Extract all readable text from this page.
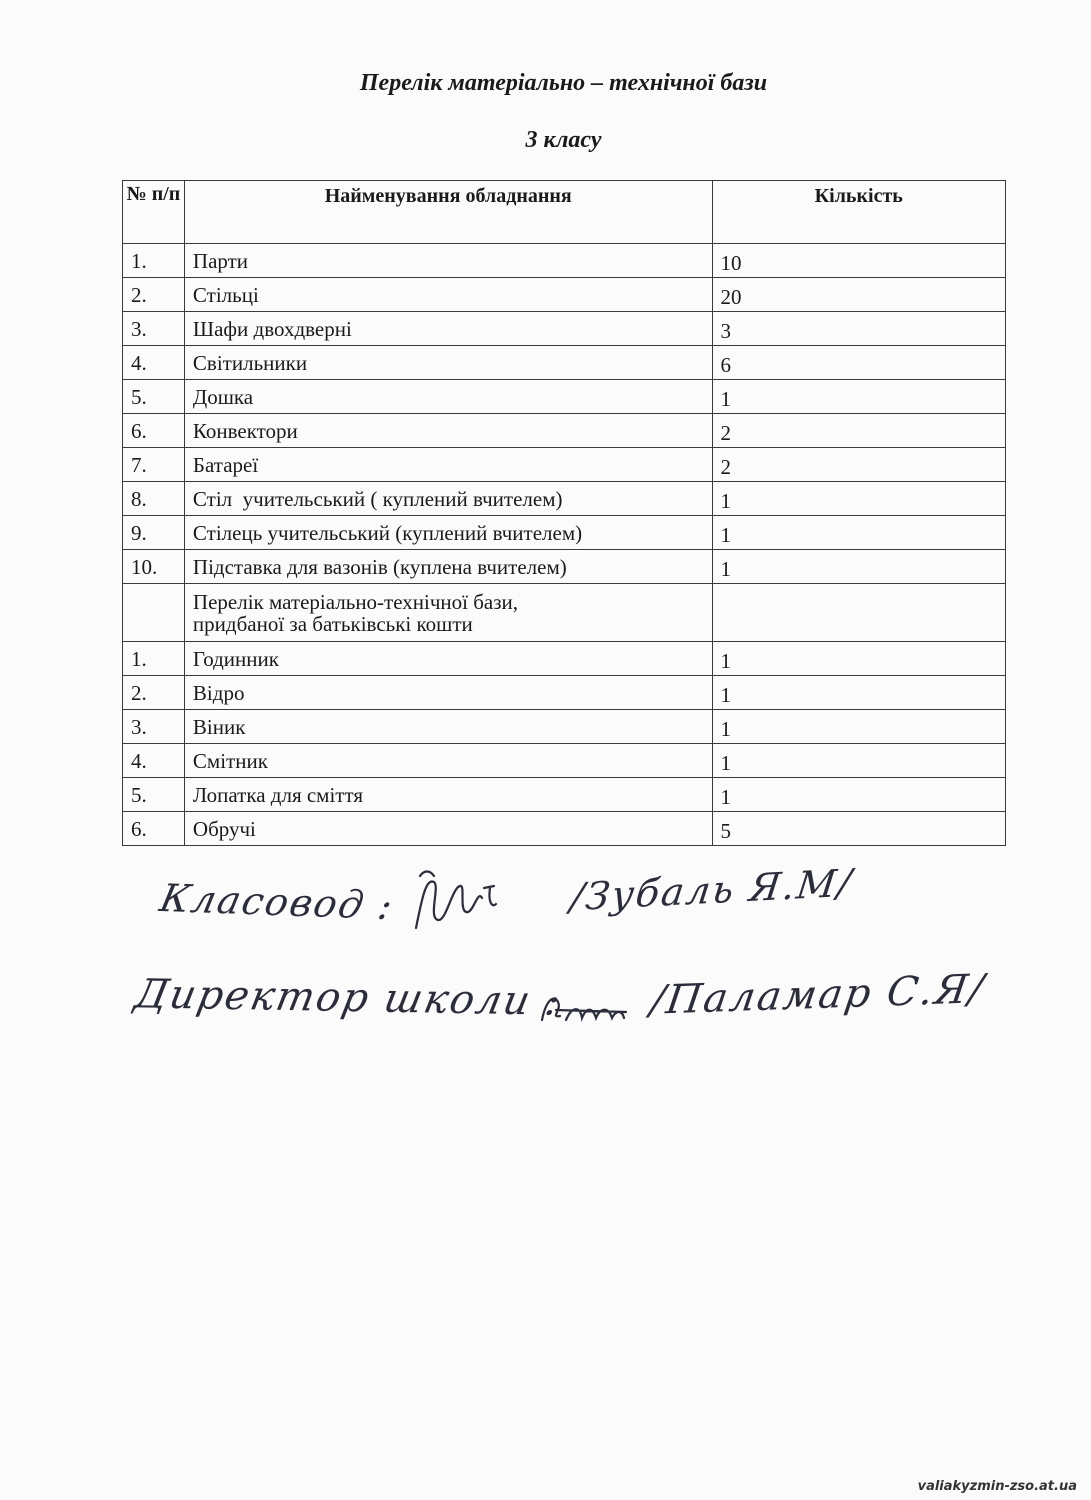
Перелік матеріально – технічної бази
3 класу
№ п/п	Найменування обладнання	Кількість
1.	Парти	10
2.	Стільці	20
3.	Шафи двохдверні	3
4.	Світильники	6
5.	Дошка	1
6.	Конвектори	2
7.	Батареї	2
8.	Стіл  учительський ( куплений вчителем)	1
9.	Стілець учительський (куплений вчителем)	1
10.	Підставка для вазонів (куплена вчителем)	1
	Перелік матеріально-технічної бази,
придбаної за батьківські кошти	
1.	Годинник	1
2.	Відро	1
3.	Віник	1
4.	Смітник	1
5.	Лопатка для сміття	1
6.	Обручі	5
Класовод :	/Зубаль Я.М/
Директор школи : /Паламар С.Я/
valiakyzmin-zso.at.ua
